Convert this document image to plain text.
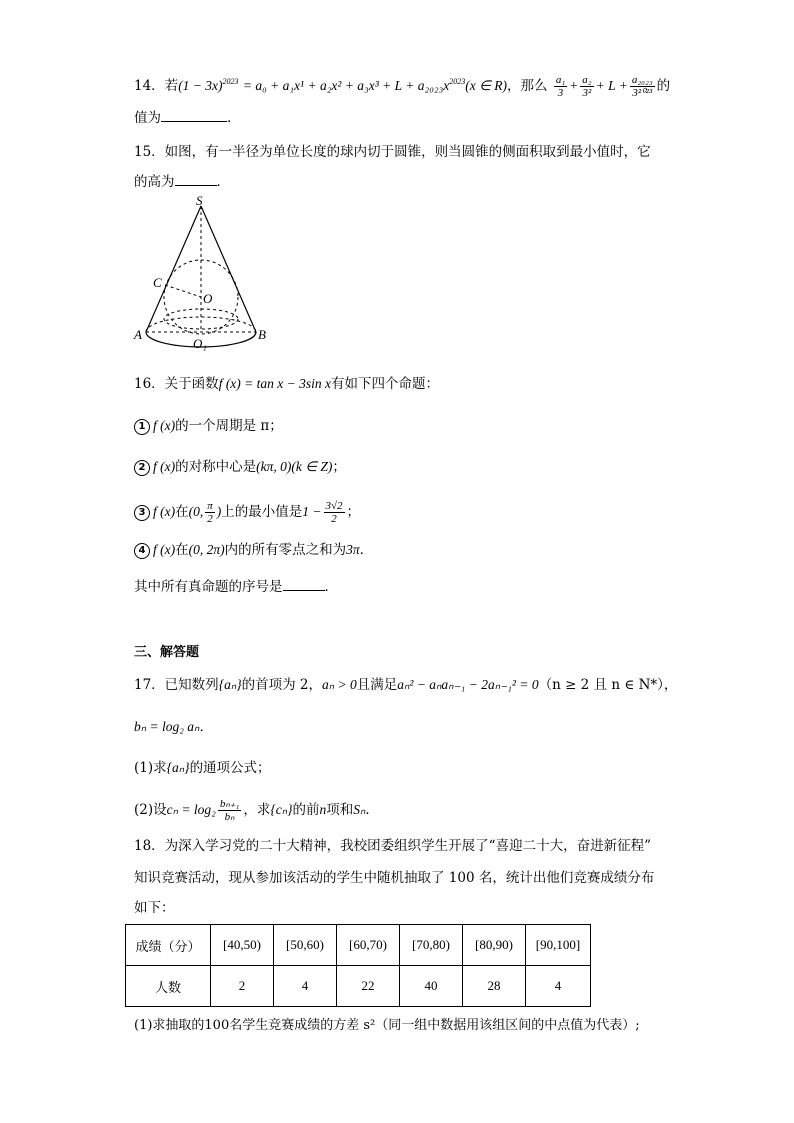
14．若$(1 - 3x)^{2023} = a_0 + a_1x^1 + a_2x^2 + a_3x^3 + L + a_{2023}x^{2023}(x$ ∈ R)，那么 $\frac{\text{a₁}}{3} + \frac{\text{a₂}}{\text{3²}} + L + \frac{\text{a₂₀₂₃}}{\text{3²⁰²³}}$ 的
值为	．
15．如图，有一半径为单位长度的球内切于圆锥，则当圆锥的侧面积取到最小值时，它
的高为	．
S
C
O
A	B
O₁
16．关于函数f (x) = tan x − 3sin x有如下四个命题：
1 f (x)的一个周期是 π；
2 f (x)的对称中心是(kπ, 0)(k ∈ Z)；
3 f (x)在(0, $\frac{\pi}{2}$ )上的最小值是$1 - \frac{3√2}{2}$ ；
4 f (x)在(0, 2π)内的所有零点之和为3π．
其中所有真命题的序号是	．
三、解答题
17．已知数列{aₙ}的首项为 2，aₙ > 0且满足aₙ² − aₙaₙ₋₁ − 2aₙ₋₁² = 0（n ≥ 2 且 n ∈ N*），
bₙ = log₂ aₙ．
(1)求{aₙ}的通项公式；
(2)设$c_n = \log_2 \frac{\text{bₙ₊₁}}{\text{bₙ}}$ ，求{cₙ}的前n项和Sₙ．
18．为深入学习党的二十大精神，我校团委组织学生开展了“喜迎二十大，奋进新征程”
知识竞赛活动，现从参加该活动的学生中随机抽取了 100 名，统计出他们竞赛成绩分布
如下：
成绩（分）	[40,50)	[50,60)	[60,70)	[70,80)	[80,90)	[90,100]
人数	2	4	22	40	28	4
(1)求抽取的100名学生竞赛成绩的方差 s²（同一组中数据用该组区间的中点值为代表）;
